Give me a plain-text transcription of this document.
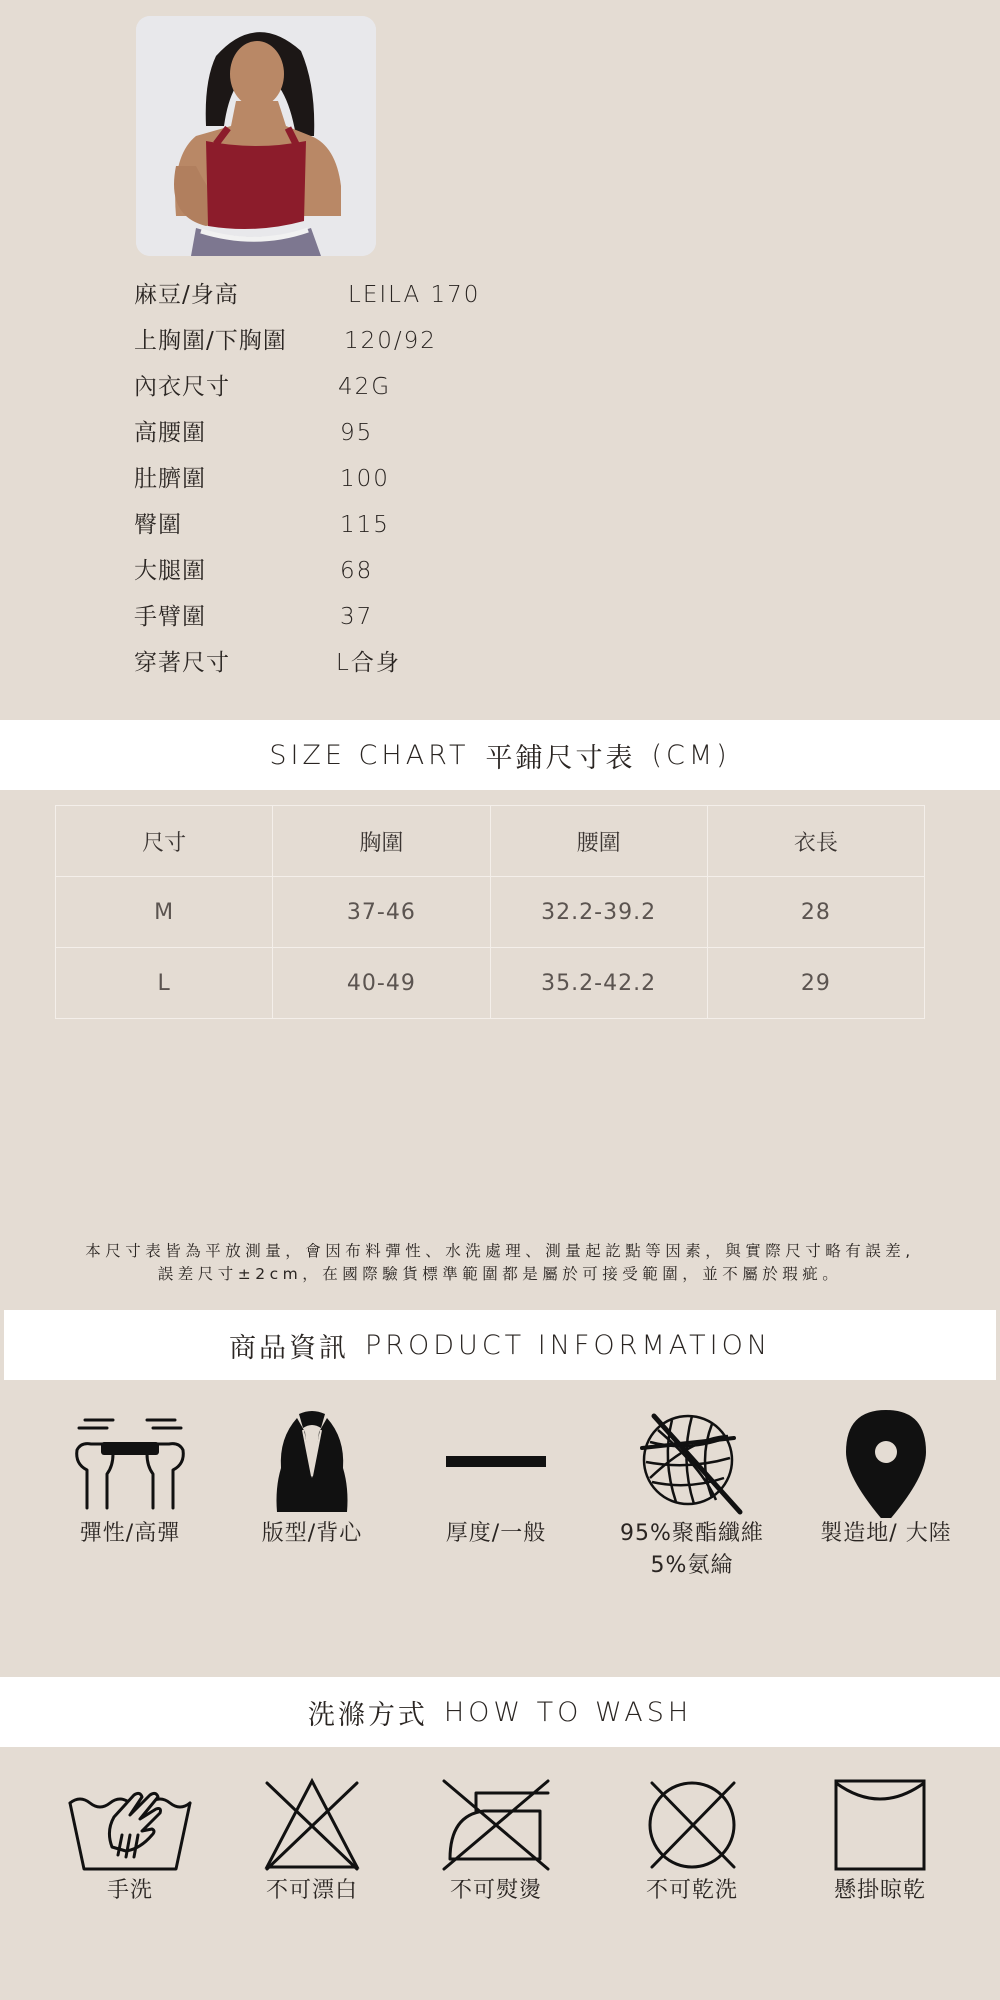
麻豆/身高	LEILA 170
上胸圍/下胸圍 120/92
內衣尺寸	42G
高腰圍	95
肚臍圍	100
臀圍	115
大腿圍	68
手臂圍	37
穿著尺寸	L合身
SIZE CHART 平鋪尺寸表 (CM)
尺寸	胸圍	腰圍	衣長
M	37-46	32.2-39.2	28
L	40-49	35.2-42.2	29
本尺寸表皆為平放測量，會因布料彈性、水洗處理、測量起訖點等因素，與實際尺寸略有誤差,
誤差尺寸±2cm，在國際驗貨標準範圍都是屬於可接受範圍，並不屬於瑕疵。
商品資訊 PRODUCT INFORMATION
彈性/高彈	版型/背心	厚度/一般	95%聚酯纖維
5%氨綸
製造地/ 大陸
洗滌方式 HOW TO WASH
手洗	不可漂白	不可熨燙	不可乾洗	懸掛晾乾
